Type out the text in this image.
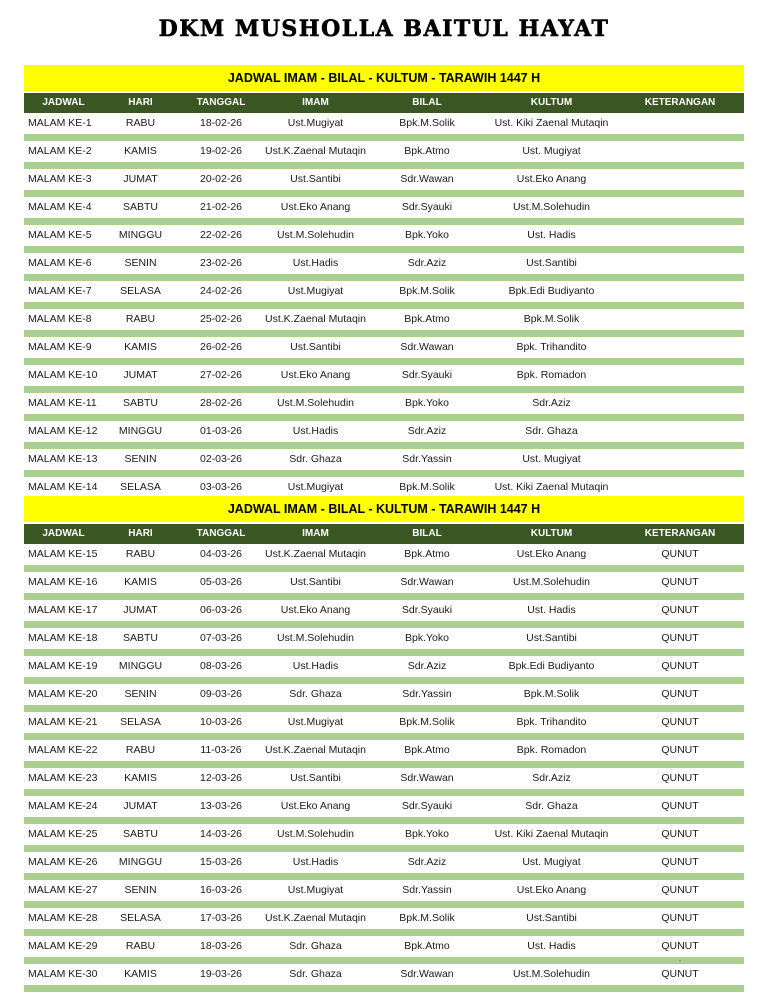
DKM MUSHOLLA BAITUL HAYAT
JADWAL IMAM - BILAL - KULTUM - TARAWIH 1447 H
JADWAL	HARI	TANGGAL	IMAM	BILAL	KULTUM	KETERANGAN
MALAM KE-1	RABU	18-02-26	Ust.Mugiyat	Bpk.M.Solik	Ust. Kiki Zaenal Mutaqin
MALAM KE-2	KAMIS	19-02-26	Ust.K.Zaenal Mutaqin	Bpk.Atmo	Ust. Mugiyat
MALAM KE-3	JUMAT	20-02-26	Ust.Santibi	Sdr.Wawan	Ust.Eko Anang
MALAM KE-4	SABTU	21-02-26	Ust.Eko Anang	Sdr.Syauki	Ust.M.Solehudin
MALAM KE-5	MINGGU	22-02-26	Ust.M.Solehudin	Bpk.Yoko	Ust. Hadis
MALAM KE-6	SENIN	23-02-26	Ust.Hadis	Sdr.Aziz	Ust.Santibi
MALAM KE-7	SELASA	24-02-26	Ust.Mugiyat	Bpk.M.Solik	Bpk.Edi Budiyanto
MALAM KE-8	RABU	25-02-26	Ust.K.Zaenal Mutaqin	Bpk.Atmo	Bpk.M.Solik
MALAM KE-9	KAMIS	26-02-26	Ust.Santibi	Sdr.Wawan	Bpk. Trihandito
MALAM KE-10	JUMAT	27-02-26	Ust.Eko Anang	Sdr.Syauki	Bpk. Romadon
MALAM KE-11	SABTU	28-02-26	Ust.M.Solehudin	Bpk.Yoko	Sdr.Aziz
MALAM KE-12	MINGGU	01-03-26	Ust.Hadis	Sdr.Aziz	Sdr. Ghaza
MALAM KE-13	SENIN	02-03-26	Sdr. Ghaza	Sdr.Yassin	Ust. Mugiyat
MALAM KE-14	SELASA	03-03-26	Ust.Mugiyat	Bpk.M.Solik	Ust. Kiki Zaenal Mutaqin
JADWAL IMAM - BILAL - KULTUM - TARAWIH 1447 H
JADWAL	HARI	TANGGAL	IMAM	BILAL	KULTUM	KETERANGAN
MALAM KE-15	RABU	04-03-26	Ust.K.Zaenal Mutaqin	Bpk.Atmo	Ust.Eko Anang	QUNUT
MALAM KE-16	KAMIS	05-03-26	Ust.Santibi	Sdr.Wawan	Ust.M.Solehudin	QUNUT
MALAM KE-17	JUMAT	06-03-26	Ust.Eko Anang	Sdr.Syauki	Ust. Hadis	QUNUT
MALAM KE-18	SABTU	07-03-26	Ust.M.Solehudin	Bpk.Yoko	Ust.Santibi	QUNUT
MALAM KE-19	MINGGU	08-03-26	Ust.Hadis	Sdr.Aziz	Bpk.Edi Budiyanto	QUNUT
MALAM KE-20	SENIN	09-03-26	Sdr. Ghaza	Sdr.Yassin	Bpk.M.Solik	QUNUT
MALAM KE-21	SELASA	10-03-26	Ust.Mugiyat	Bpk.M.Solik	Bpk. Trihandito	QUNUT
MALAM KE-22	RABU	11-03-26	Ust.K.Zaenal Mutaqin	Bpk.Atmo	Bpk. Romadon	QUNUT
MALAM KE-23	KAMIS	12-03-26	Ust.Santibi	Sdr.Wawan	Sdr.Aziz	QUNUT
MALAM KE-24	JUMAT	13-03-26	Ust.Eko Anang	Sdr.Syauki	Sdr. Ghaza	QUNUT
MALAM KE-25	SABTU	14-03-26	Ust.M.Solehudin	Bpk.Yoko	Ust. Kiki Zaenal Mutaqin	QUNUT
MALAM KE-26	MINGGU	15-03-26	Ust.Hadis	Sdr.Aziz	Ust. Mugiyat	QUNUT
MALAM KE-27	SENIN	16-03-26	Ust.Mugiyat	Sdr.Yassin	Ust.Eko Anang	QUNUT
MALAM KE-28	SELASA	17-03-26	Ust.K.Zaenal Mutaqin	Bpk.M.Solik	Ust.Santibi	QUNUT
MALAM KE-29	RABU	18-03-26	Sdr. Ghaza	Bpk.Atmo	Ust. Hadis	QUNUT
.
MALAM KE-30	KAMIS	19-03-26	Sdr. Ghaza	Sdr.Wawan	Ust.M.Solehudin	QUNUT
